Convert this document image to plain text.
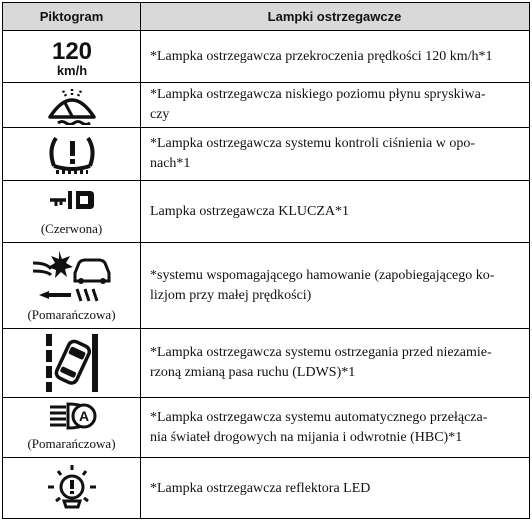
Piktogram	Lampki ostrzegawcze
120
km/h
*Lampka ostrzegawcza przekroczenia prędkości 120 km/h*1
*Lampka ostrzegawcza niskiego poziomu płynu spryskiwa-
czy
*Lampka ostrzegawcza systemu kontroli ciśnienia w opo-
nach*1
(Czerwona)
Lampka ostrzegawcza KLUCZA*1
(Pomarańczowa)
*systemu wspomagającego hamowanie (zapobiegającego ko-
lizjom przy małej prędkości)
*Lampka ostrzegawcza systemu ostrzegania przed niezamie-
rzoną zmianą pasa ruchu (LDWS)*1
A
(Pomarańczowa)
*Lampka ostrzegawcza systemu automatycznego przełącza-
nia świateł drogowych na mijania i odwrotnie (HBC)*1
*Lampka ostrzegawcza reflektora LED
